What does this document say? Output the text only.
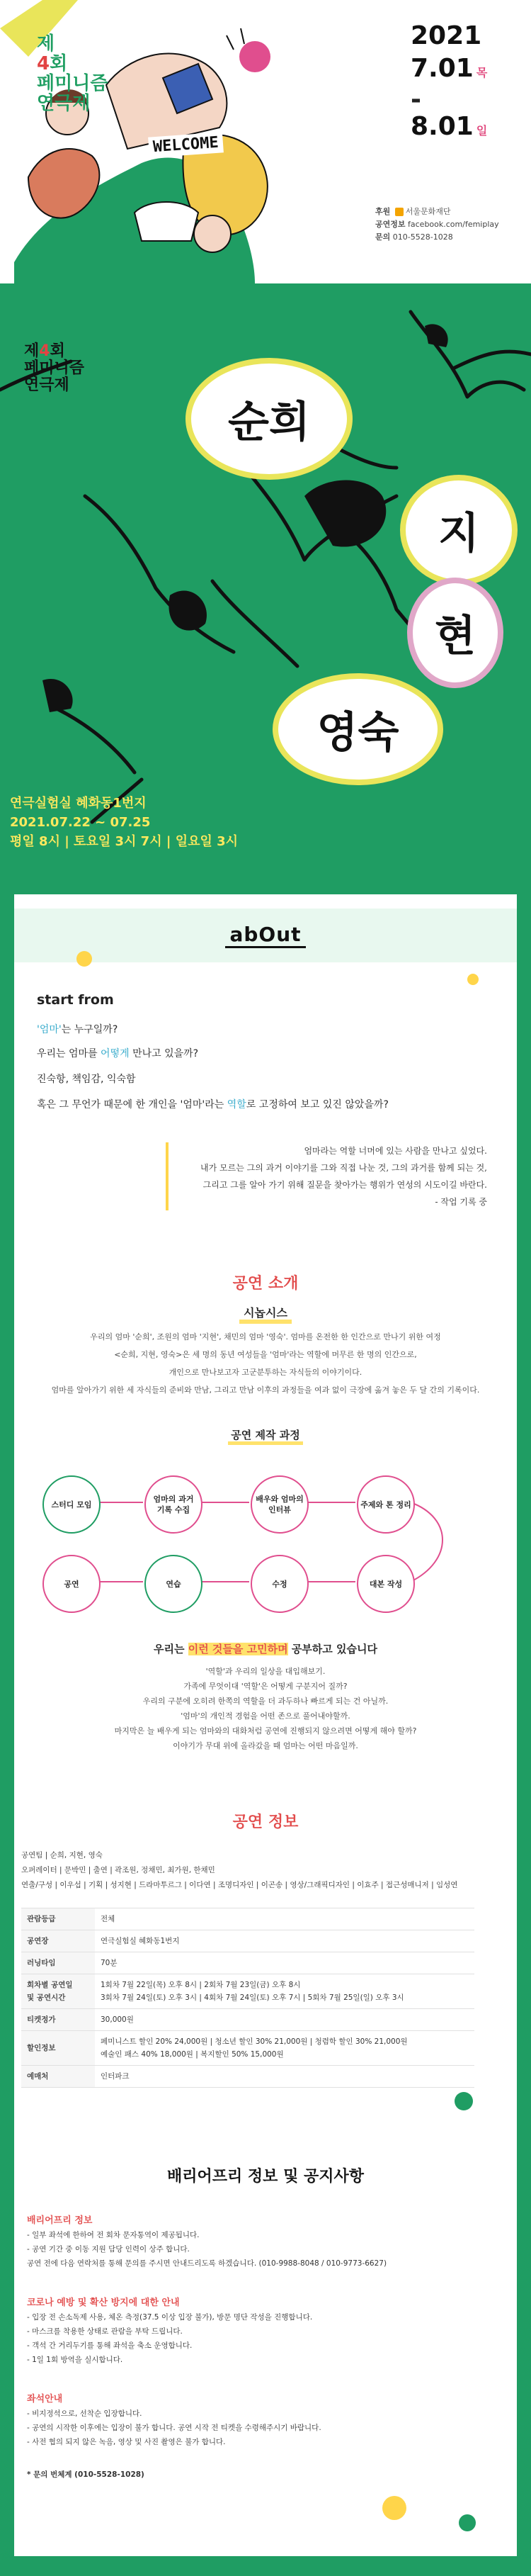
제
4회
페미니즘
연극제
WELCOME
2021 7.01 목
-
8.01 일
후원 서울문화재단
공연정보 facebook.com/femiplay
문의 010-5528-1028
제4회
페미니즘
연극제
순희
지
현
영숙
연극실험실 혜화동1번지
2021.07.22 ~ 07.25
평일 8시 | 토요일 3시 7시 | 일요일 3시
abOut
start from
'엄마'는 누구일까?
우리는 엄마를 어떻게 만나고 있을까?
진숙항, 책임감, 익숙함
혹은 그 무언가 때문에 한 개인을 '엄마'라는 역할로 고정하여 보고 있진 않았을까?
엄마라는 역할 너머에 있는 사람을 만나고 싶었다.
내가 모르는 그의 과거 이야기를 그와 직접 나눈 것, 그의 과거를 함께 되는 것,
그리고 그를 알아 가기 위해 질문을 찾아가는 행위가 연성의 시도이길 바란다.
- 작업 기록 중
공연 소개
시놉시스
우리의 엄마 '순희', 조원의 엄마 '지현', 채민의 엄마 '영숙'. 엄마를 온전한 한 인간으로 만나기 위한 여정
<순희, 지현, 영숙>은 세 명의 동년 여성들을 '엄마'라는 역할에 머무른 한 명의 인간으로,
개인으로 만나보고자 고군분투하는 자식들의 이야기이다.
엄마를 알아가기 위한 세 자식들의 준비와 만남, 그리고 만남 이후의 과정들을 여과 없이 극장에 옮겨 놓은 두 달 간의 기록이다.
공연 제작 과정
스터디 모임
엄마의 과거
기록 수집
배우와 엄마의
인터뷰
주제와 톤 정리
공연	연습	수정	대본 작성
우리는 이런 것들을 고민하며 공부하고 있습니다
'역할'과 우리의 일상을 대입해보기.
가족에 무엇이대 '역할'은 어떻게 구분지어 질까?
우리의 구분에 오히려 한쪽의 역할을 더 과두하나 빠르게 되는 건 아닐까.
'엄마'의 개인적 경험을 어떤 존으로 풀어내야할까.
마지막은 늘 배우게 되는 엄마와의 대화처럼 공연에 진행되지 않으려면 어떻게 해야 할까?
이야기가 무대 위에 올라갔을 때 엄마는 어떤 마음일까.
공연 정보
공연팀 | 순희, 지현, 영숙
오퍼레이터 | 문박민 | 출연 | 곽조원, 정채민, 최가원, 한채민
연출/구성 | 이우섭 | 기획 | 성지현 | 드라마투르그 | 이다연 | 조명디자인 | 이곤송 | 영상/그래픽디자인 | 이효주 | 접근성매니저 | 임성연
관람등급	전체
공연장	연극실험실 혜화동1번지
러닝타임	70분
회차별 공연일
및 공연시간	1회차 7월 22일(목) 오후 8시 | 2회차 7월 23일(금) 오후 8시
3회차 7월 24일(토) 오후 3시 | 4회차 7월 24일(토) 오후 7시 | 5회차 7월 25일(일) 오후 3시
티켓정가	30,000원
할인정보	페미니스트 할인 20% 24,000원 | 청소년 할인 30% 21,000원 | 청렴학 할인 30% 21,000원
예술인 패스 40% 18,000원 | 복지할인 50% 15,000원
예매처	인터파크
배리어프리 정보 및 공지사항
배리어프리 정보
- 일부 좌석에 한하여 전 회차 문자통역이 제공됩니다.
- 공연 기간 중 이동 지원 담당 인력이 상주 합니다.
공연 전에 다음 연락처를 통해 문의를 주시면 안내드리도록 하겠습니다. (010-9988-8048 / 010-9773-6627)
코로나 예방 및 확산 방지에 대한 안내
- 입장 전 손소독제 사용, 체온 측정(37.5 이상 입장 불가), 방문 명단 작성을 진행합니다.
- 마스크를 착용한 상태로 관람을 부탁 드립니다.
- 객석 간 거리두기를 통해 좌석을 축소 운영합니다.
- 1일 1회 방역을 실시합니다.
좌석안내
- 비지정석으로, 선착순 입장합니다.
- 공연의 시작한 이후에는 입장이 불가 합니다. 공연 시작 전 티켓을 수령해주시기 바랍니다.
- 사전 협의 되지 않은 녹음, 영상 및 사진 촬영은 불가 합니다.
* 문의 번체계 (010-5528-1028)
